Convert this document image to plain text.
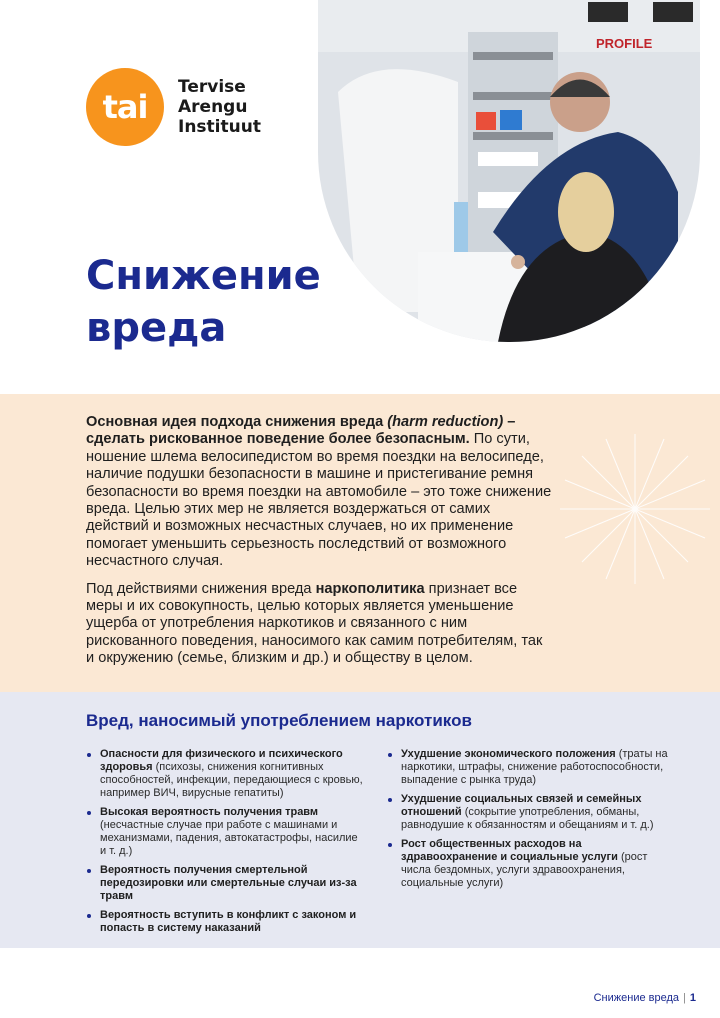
tai
Tervise
Arengu
Instituut
PROFILE
Снижение
вреда

Основная идея подхода снижения вреда (harm reduction) – сделать рискованное поведение более безопасным. По сути, ношение шлема велосипедистом во время поездки на велосипеде, наличие подушки безопасности в машине и пристегивание ремня безопасности во время поездки на автомобиле – это тоже снижение вреда. Целью этих мер не является воздержаться от самих действий и возможных несчастных случаев, но их применение помогает уменьшить серьезность последствий от возможного несчастного случая.

Под действиями снижения вреда наркополитика признает все меры и их совокупность, целью которых является уменьшение ущерба от употребления наркотиков и связанного с ним рискованного поведения, наносимого как самим потребителям, так и окружению (семье, близким и др.) и обществу в целом.

Вред, наносимый употреблением наркотиков
Опасности для физического и психического здоровья (психозы, снижения когнитивных способностей, инфекции, передающиеся с кровью, например ВИЧ, вирусные гепатиты)
Высокая вероятность получения травм (несчастные случае при работе с машинами и механизмами, падения, автокатастрофы, насилие и т. д.)
Вероятность получения смертельной передозировки или смертельные случаи из-за травм
Вероятность вступить в конфликт с законом и попасть в систему наказаний
Ухудшение экономического положения (траты на наркотики, штрафы, снижение работоспособности, выпадение с рынка труда)
Ухудшение социальных связей и семейных отношений (сокрытие употребления, обманы, равнодушие к обязанностям и обещаниям и т. д.)
Рост общественных расходов на здравоохранение и социальные услуги (рост числа бездомных, услуги здравоохранения, социальные услуги)
Снижение вреда | 1
